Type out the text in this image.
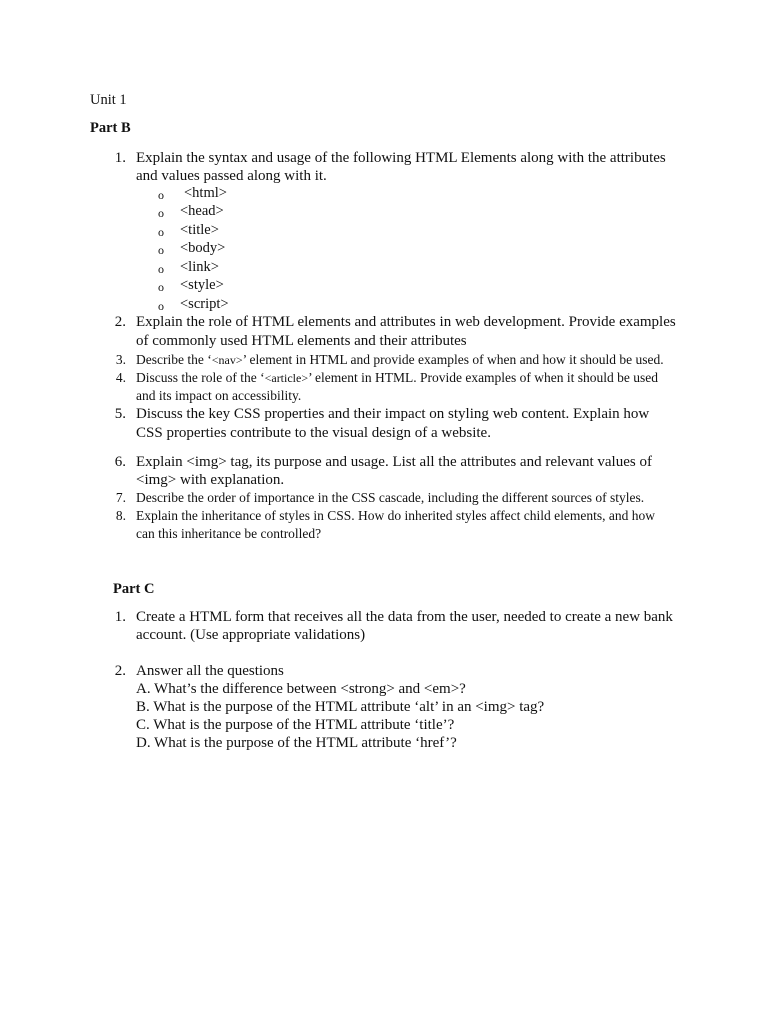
Unit 1
Part B
1. Explain the syntax and usage of the following HTML Elements along with the attributes
and values passed along with it.
o <html>
o <head>
o <title>
o <body>
o <link>
o <style>
o <script>
2. Explain the role of HTML elements and attributes in web development. Provide examples
of commonly used HTML elements and their attributes
3. Describe the ‘<nav>’ element in HTML and provide examples of when and how it should be used.
4. Discuss the role of the ‘<article>’ element in HTML. Provide examples of when it should be used
and its impact on accessibility.
5. Discuss the key CSS properties and their impact on styling web content. Explain how
CSS properties contribute to the visual design of a website.
6. Explain <img> tag, its purpose and usage. List all the attributes and relevant values of
<img> with explanation.
7. Describe the order of importance in the CSS cascade, including the different sources of styles.
8. Explain the inheritance of styles in CSS. How do inherited styles affect child elements, and how
can this inheritance be controlled?
Part C
1. Create a HTML form that receives all the data from the user, needed to create a new bank
account. (Use appropriate validations)
2. Answer all the questions
A. What’s the difference between <strong> and <em>?
B. What is the purpose of the HTML attribute ‘alt’ in an <img> tag?
C. What is the purpose of the HTML attribute ‘title’?
D. What is the purpose of the HTML attribute ‘href’?
